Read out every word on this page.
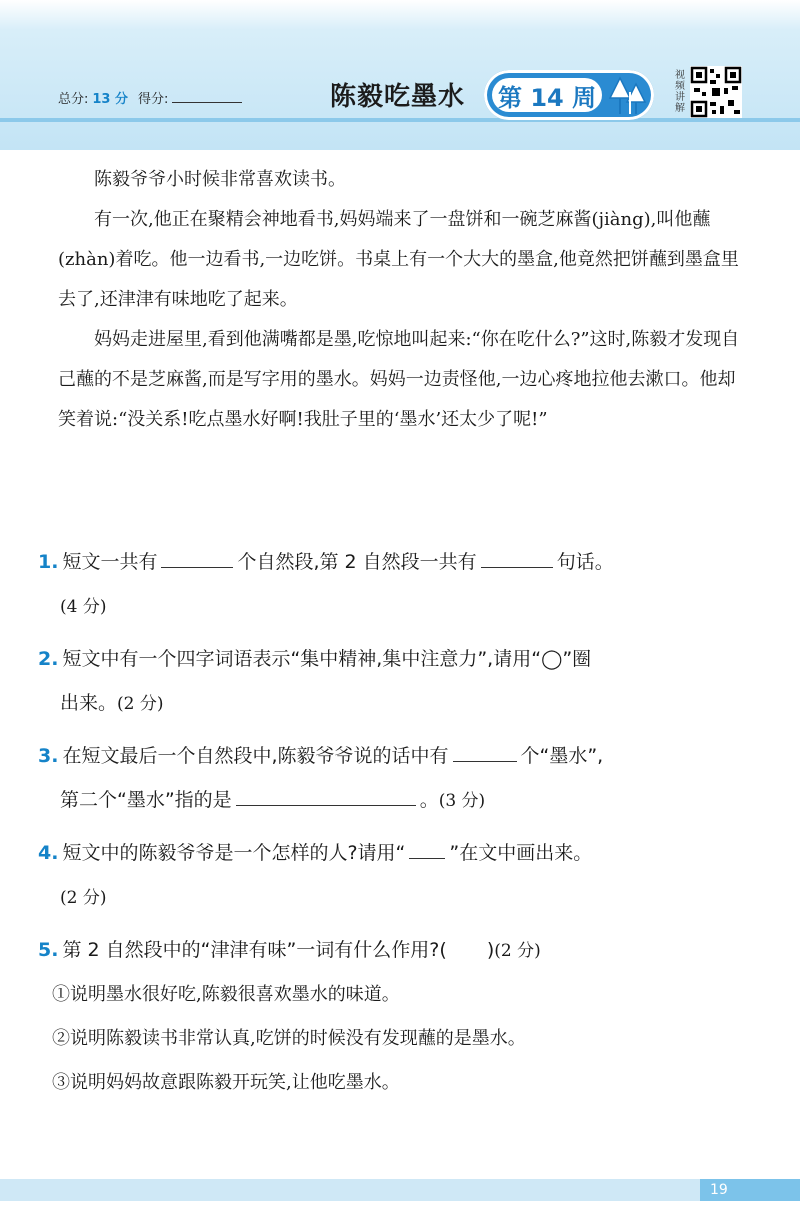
总分: 13 分 得分:	陈毅吃墨水 第 14 周
视频讲解

陈毅爷爷小时候非常喜欢读书。

有一次,他正在聚精会神地看书,妈妈端来了一盘饼和一碗芝麻酱(jiàng),叫他蘸(zhàn)着吃。他一边看书,一边吃饼。书桌上有一个大大的墨盒,他竟然把饼蘸到墨盒里去了,还津津有味地吃了起来。

妈妈走进屋里,看到他满嘴都是墨,吃惊地叫起来:“你在吃什么?”这时,陈毅才发现自己蘸的不是芝麻酱,而是写字用的墨水。妈妈一边责怪他,一边心疼地拉他去漱口。他却笑着说:“没关系!吃点墨水好啊!我肚子里的‘墨水’还太少了呢!”

1. 短文一共有	个自然段,第 2 自然段一共有	句话。
(4 分)
2. 短文中有一个四字词语表示“集中精神,集中注意力”,请用“◯”圈
出来。(2 分)
3. 在短文最后一个自然段中,陈毅爷爷说的话中有	个“墨水”,
第二个“墨水”指的是	。(3 分)
4. 短文中的陈毅爷爷是一个怎样的人?请用“ ”在文中画出来。
(2 分)
5. 第 2 自然段中的“津津有味”一词有什么作用?( )(2 分)
①说明墨水很好吃,陈毅很喜欢墨水的味道。
②说明陈毅读书非常认真,吃饼的时候没有发现蘸的是墨水。
③说明妈妈故意跟陈毅开玩笑,让他吃墨水。
19
